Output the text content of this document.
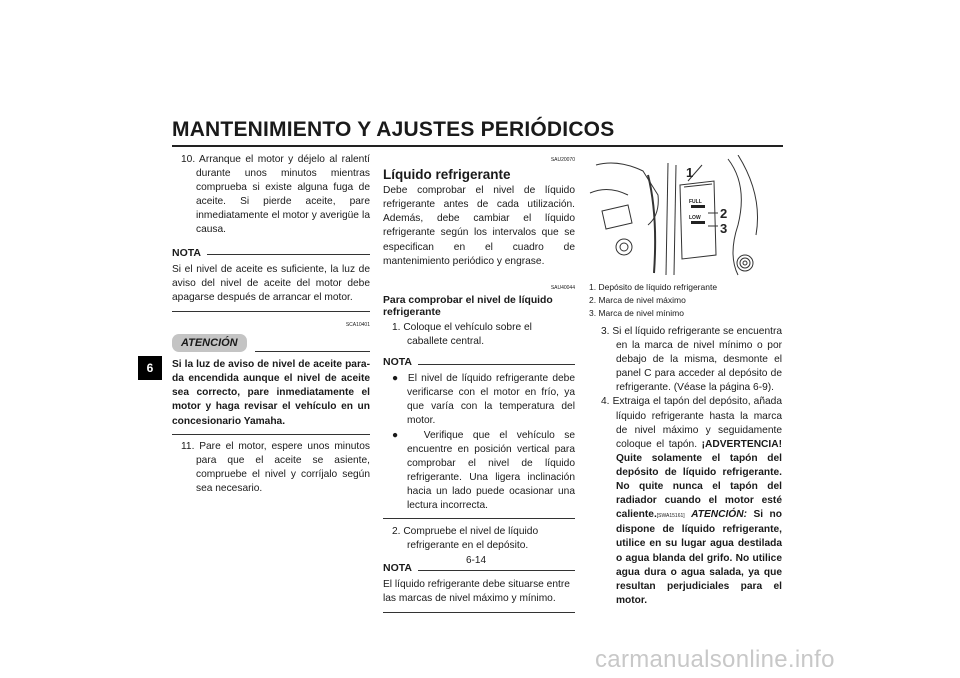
MANTENIMIENTO Y AJUSTES PERIÓDICOS
6
10. Arranque el motor y déjelo al ralentí durante unos minutos mientras comprueba si existe alguna fuga de aceite. Si pierde aceite, pare inmediatamente el motor y averigüe la causa.
NOTA
Si el nivel de aceite es suficiente, la luz de aviso del nivel de aceite del motor debe apagarse después de arrancar el motor.
SCA10401
ATENCIÓN
Si la luz de aviso de nivel de aceite para-da encendida aunque el nivel de aceite sea correcto, pare inmediatamente el motor y haga revisar el vehículo en un concesionario Yamaha.
11. Pare el motor, espere unos minutos para que el aceite se asiente, compruebe el nivel y corríjalo según sea necesario.
SAU20070
Líquido refrigerante
Debe comprobar el nivel de líquido refrigerante antes de cada utilización. Además, debe cambiar el líquido refrigerante según los intervalos que se especifican en el cuadro de mantenimiento periódico y engrase.
SAU40044
Para comprobar el nivel de líquido refrigerante
1. Coloque el vehículo sobre el caballete central.
NOTA
●  El nivel de líquido refrigerante debe verificarse con el motor en frío, ya que varía con la temperatura del motor.
●  Verifique que el vehículo se encuentre en posición vertical para comprobar el nivel de líquido refrigerante. Una ligera inclinación hacia un lado puede ocasionar una lectura incorrecta.
2. Compruebe el nivel de líquido refrigerante en el depósito.
NOTA
El líquido refrigerante debe situarse entre las marcas de nivel máximo y mínimo.
FULL
LOW
1
2
3
1. Depósito de líquido refrigerante
2. Marca de nivel máximo
3. Marca de nivel mínimo
3. Si el líquido refrigerante se encuentra en la marca de nivel mínimo o por debajo de la misma, desmonte el panel C para acceder al depósito de refrigerante. (Véase la página 6-9).
4. Extraiga el tapón del depósito, añada líquido refrigerante hasta la marca de nivel máximo y seguidamente coloque el tapón. ¡ADVERTENCIA! Quite solamente el tapón del depósito de líquido refrigerante. No quite nunca el tapón del radiador cuando el motor esté caliente.[SWA15161] ATENCIÓN: Si no dispone de líquido refrigerante, utilice en su lugar agua destilada o agua blanda del grifo. No utilice agua dura o agua salada, ya que resultan perjudiciales para el motor.
6-14
carmanualsonline.info
